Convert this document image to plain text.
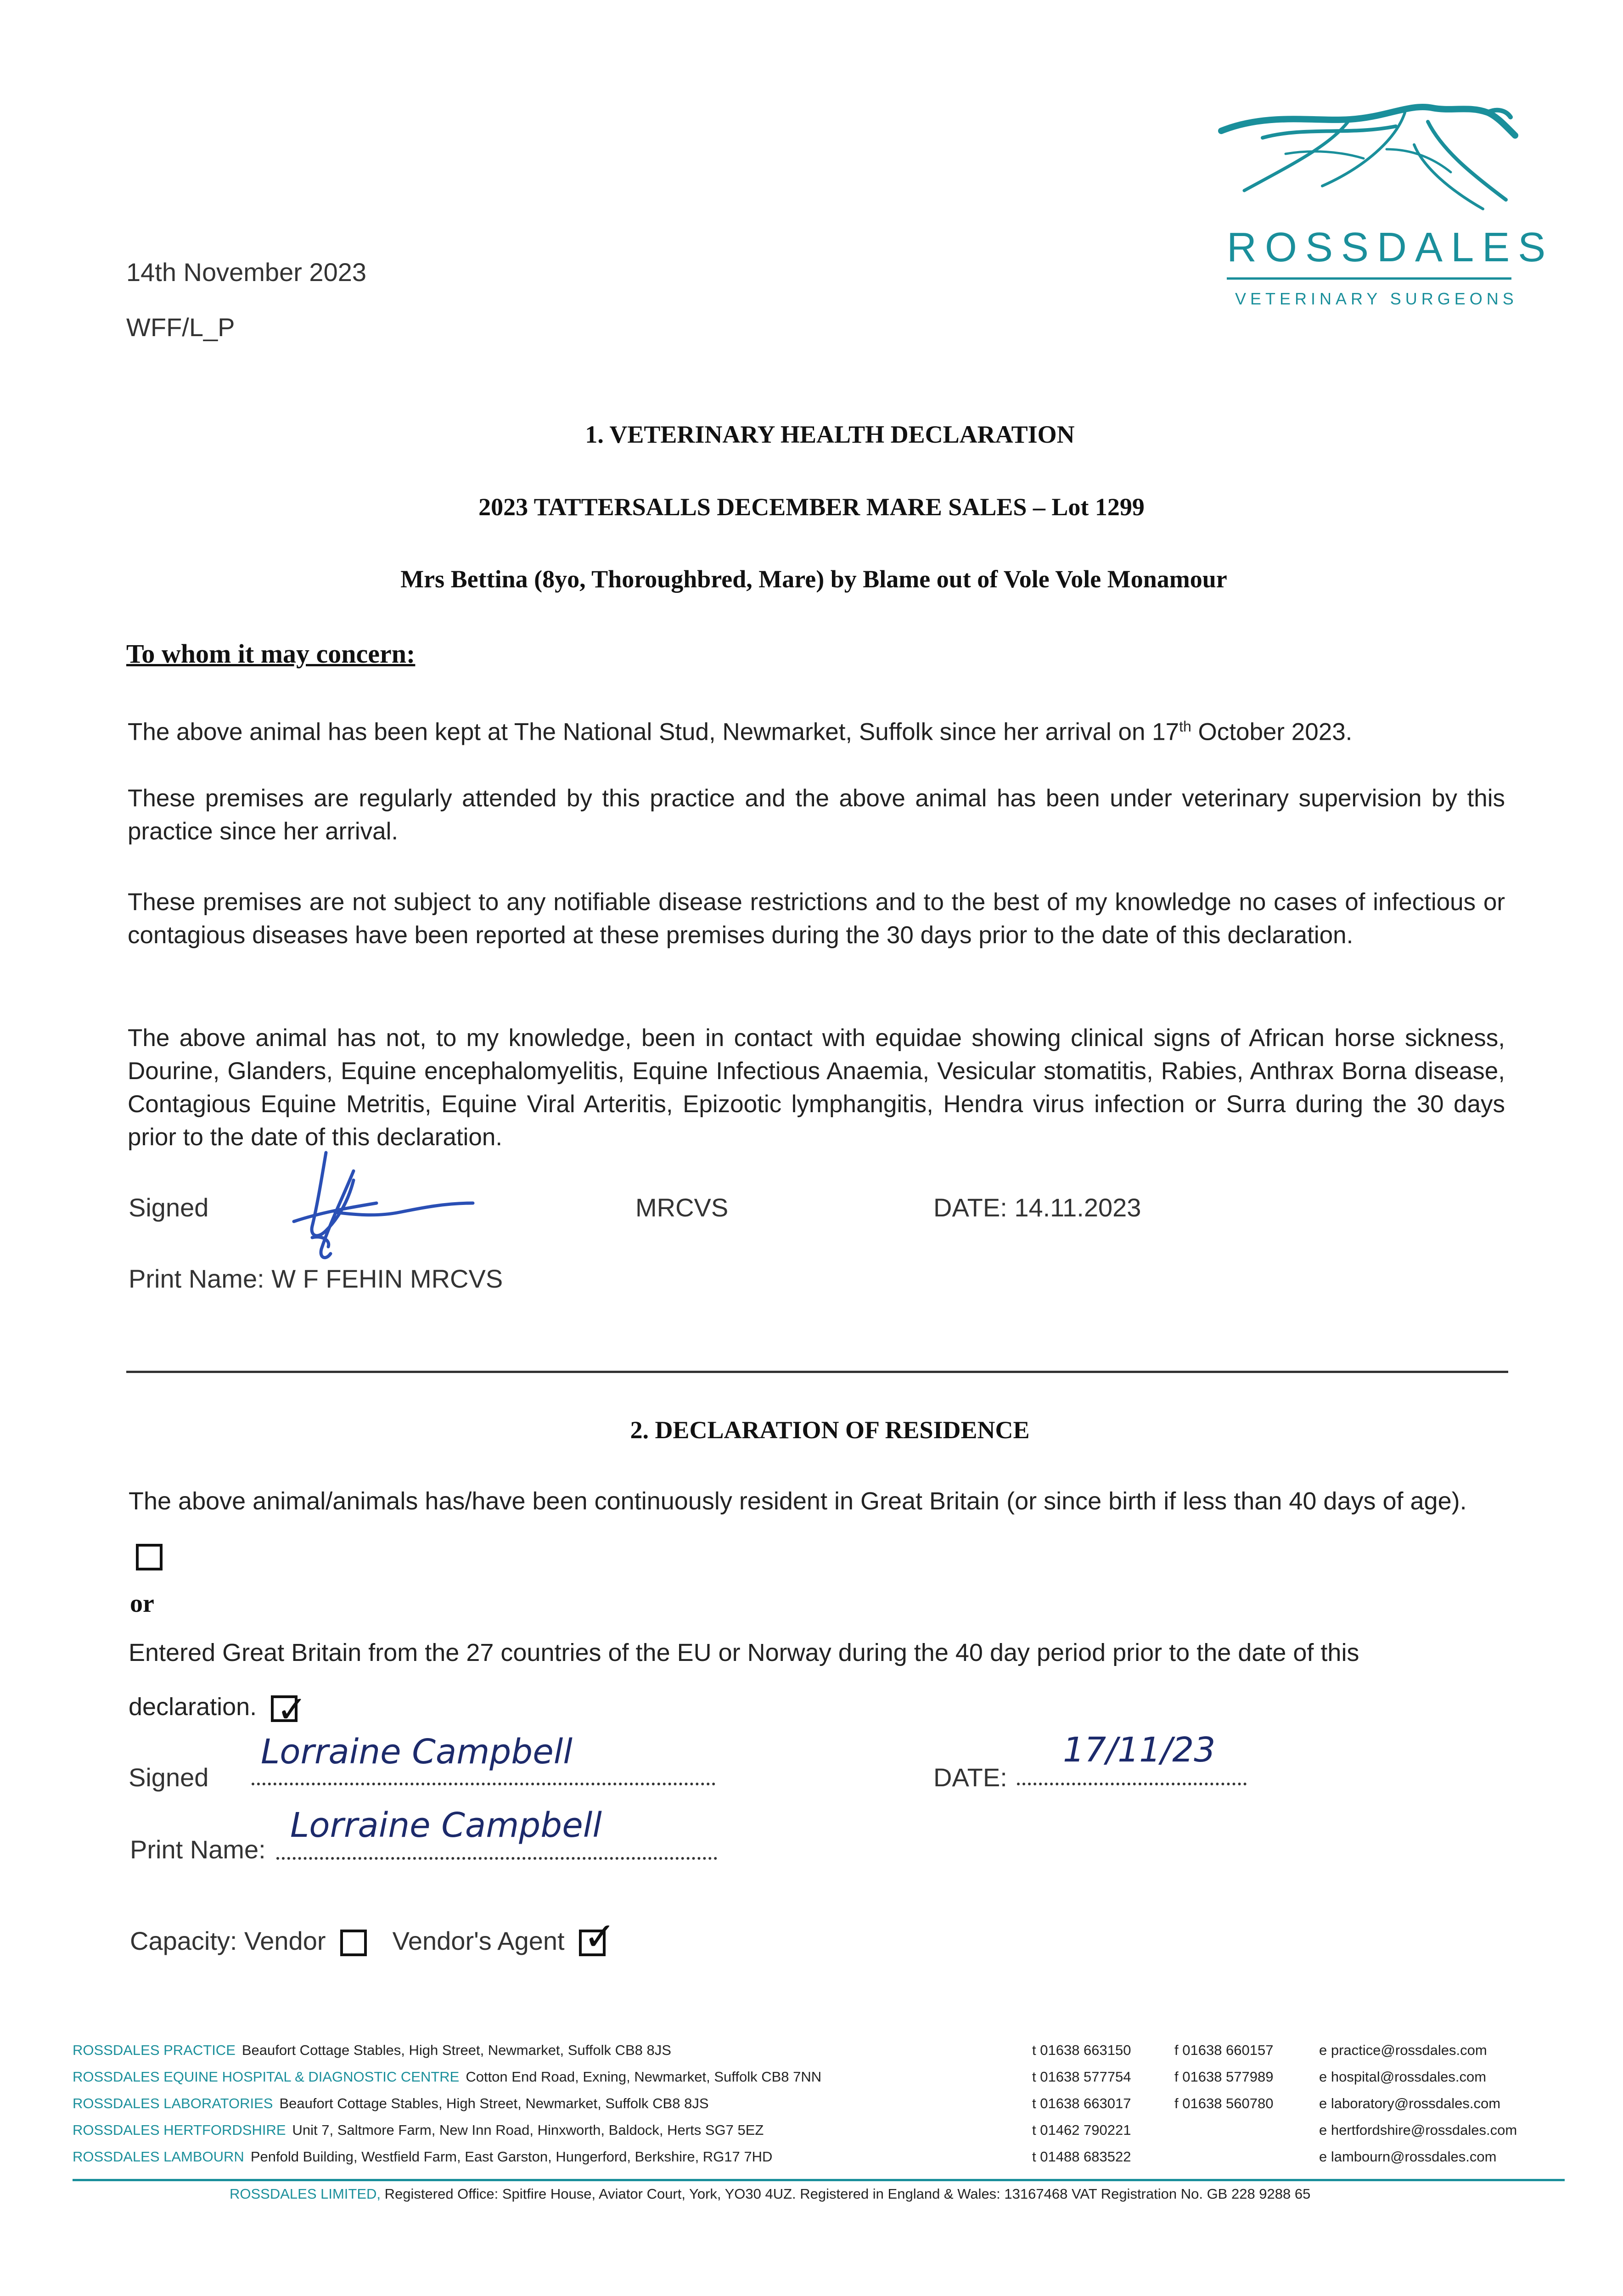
14th November 2023
WFF/L_P
ROSSDALES
VETERINARY SURGEONS
1. VETERINARY HEALTH DECLARATION
2023 TATTERSALLS DECEMBER MARE SALES – Lot 1299
Mrs Bettina (8yo, Thoroughbred, Mare) by Blame out of Vole Vole Monamour
To whom it may concern:
The above animal has been kept at The National Stud, Newmarket, Suffolk since her arrival on 17th October 2023.
These premises are regularly attended by this practice and the above animal has been under veterinary supervision by this practice since her arrival.
These premises are not subject to any notifiable disease restrictions and to the best of my knowledge no cases of infectious or contagious diseases have been reported at these premises during the 30 days prior to the date of this declaration.
The above animal has not, to my knowledge, been in contact with equidae showing clinical signs of African horse sickness, Dourine, Glanders, Equine encephalomyelitis, Equine Infectious Anaemia, Vesicular stomatitis, Rabies, Anthrax Borna disease, Contagious Equine Metritis, Equine Viral Arteritis, Epizootic lymphangitis, Hendra virus infection or Surra during the 30 days prior to the date of this declaration.
Signed	MRCVS	DATE: 14.11.2023
Print Name: W F FEHIN MRCVS
2. DECLARATION OF RESIDENCE
The above animal/animals has/have been continuously resident in Great Britain (or since birth if less than 40 days of age).
or
Entered Great Britain from the 27 countries of the EU or Norway during the 40 day period prior to the date of this declaration. ✓
Signed
Lorraine Campbell
DATE:
17/11/23
Print Name:
Lorraine Campbell
Capacity: Vendor	Vendor's Agent ✓
ROSSDALES PRACTICE Beaufort Cottage Stables, High Street, Newmarket, Suffolk CB8 8JS	t 01638 663150	f 01638 660157	e practice@rossdales.com
ROSSDALES EQUINE HOSPITAL & DIAGNOSTIC CENTRE Cotton End Road, Exning, Newmarket, Suffolk CB8 7NN	t 01638 577754	f 01638 577989	e hospital@rossdales.com
ROSSDALES LABORATORIES Beaufort Cottage Stables, High Street, Newmarket, Suffolk CB8 8JS	t 01638 663017	f 01638 560780	e laboratory@rossdales.com
ROSSDALES HERTFORDSHIRE Unit 7, Saltmore Farm, New Inn Road, Hinxworth, Baldock, Herts SG7 5EZ	t 01462 790221	e hertfordshire@rossdales.com
ROSSDALES LAMBOURN Penfold Building, Westfield Farm, East Garston, Hungerford, Berkshire, RG17 7HD	t 01488 683522	e lambourn@rossdales.com
ROSSDALES LIMITED, Registered Office: Spitfire House, Aviator Court, York, YO30 4UZ. Registered in England & Wales: 13167468 VAT Registration No. GB 228 9288 65
